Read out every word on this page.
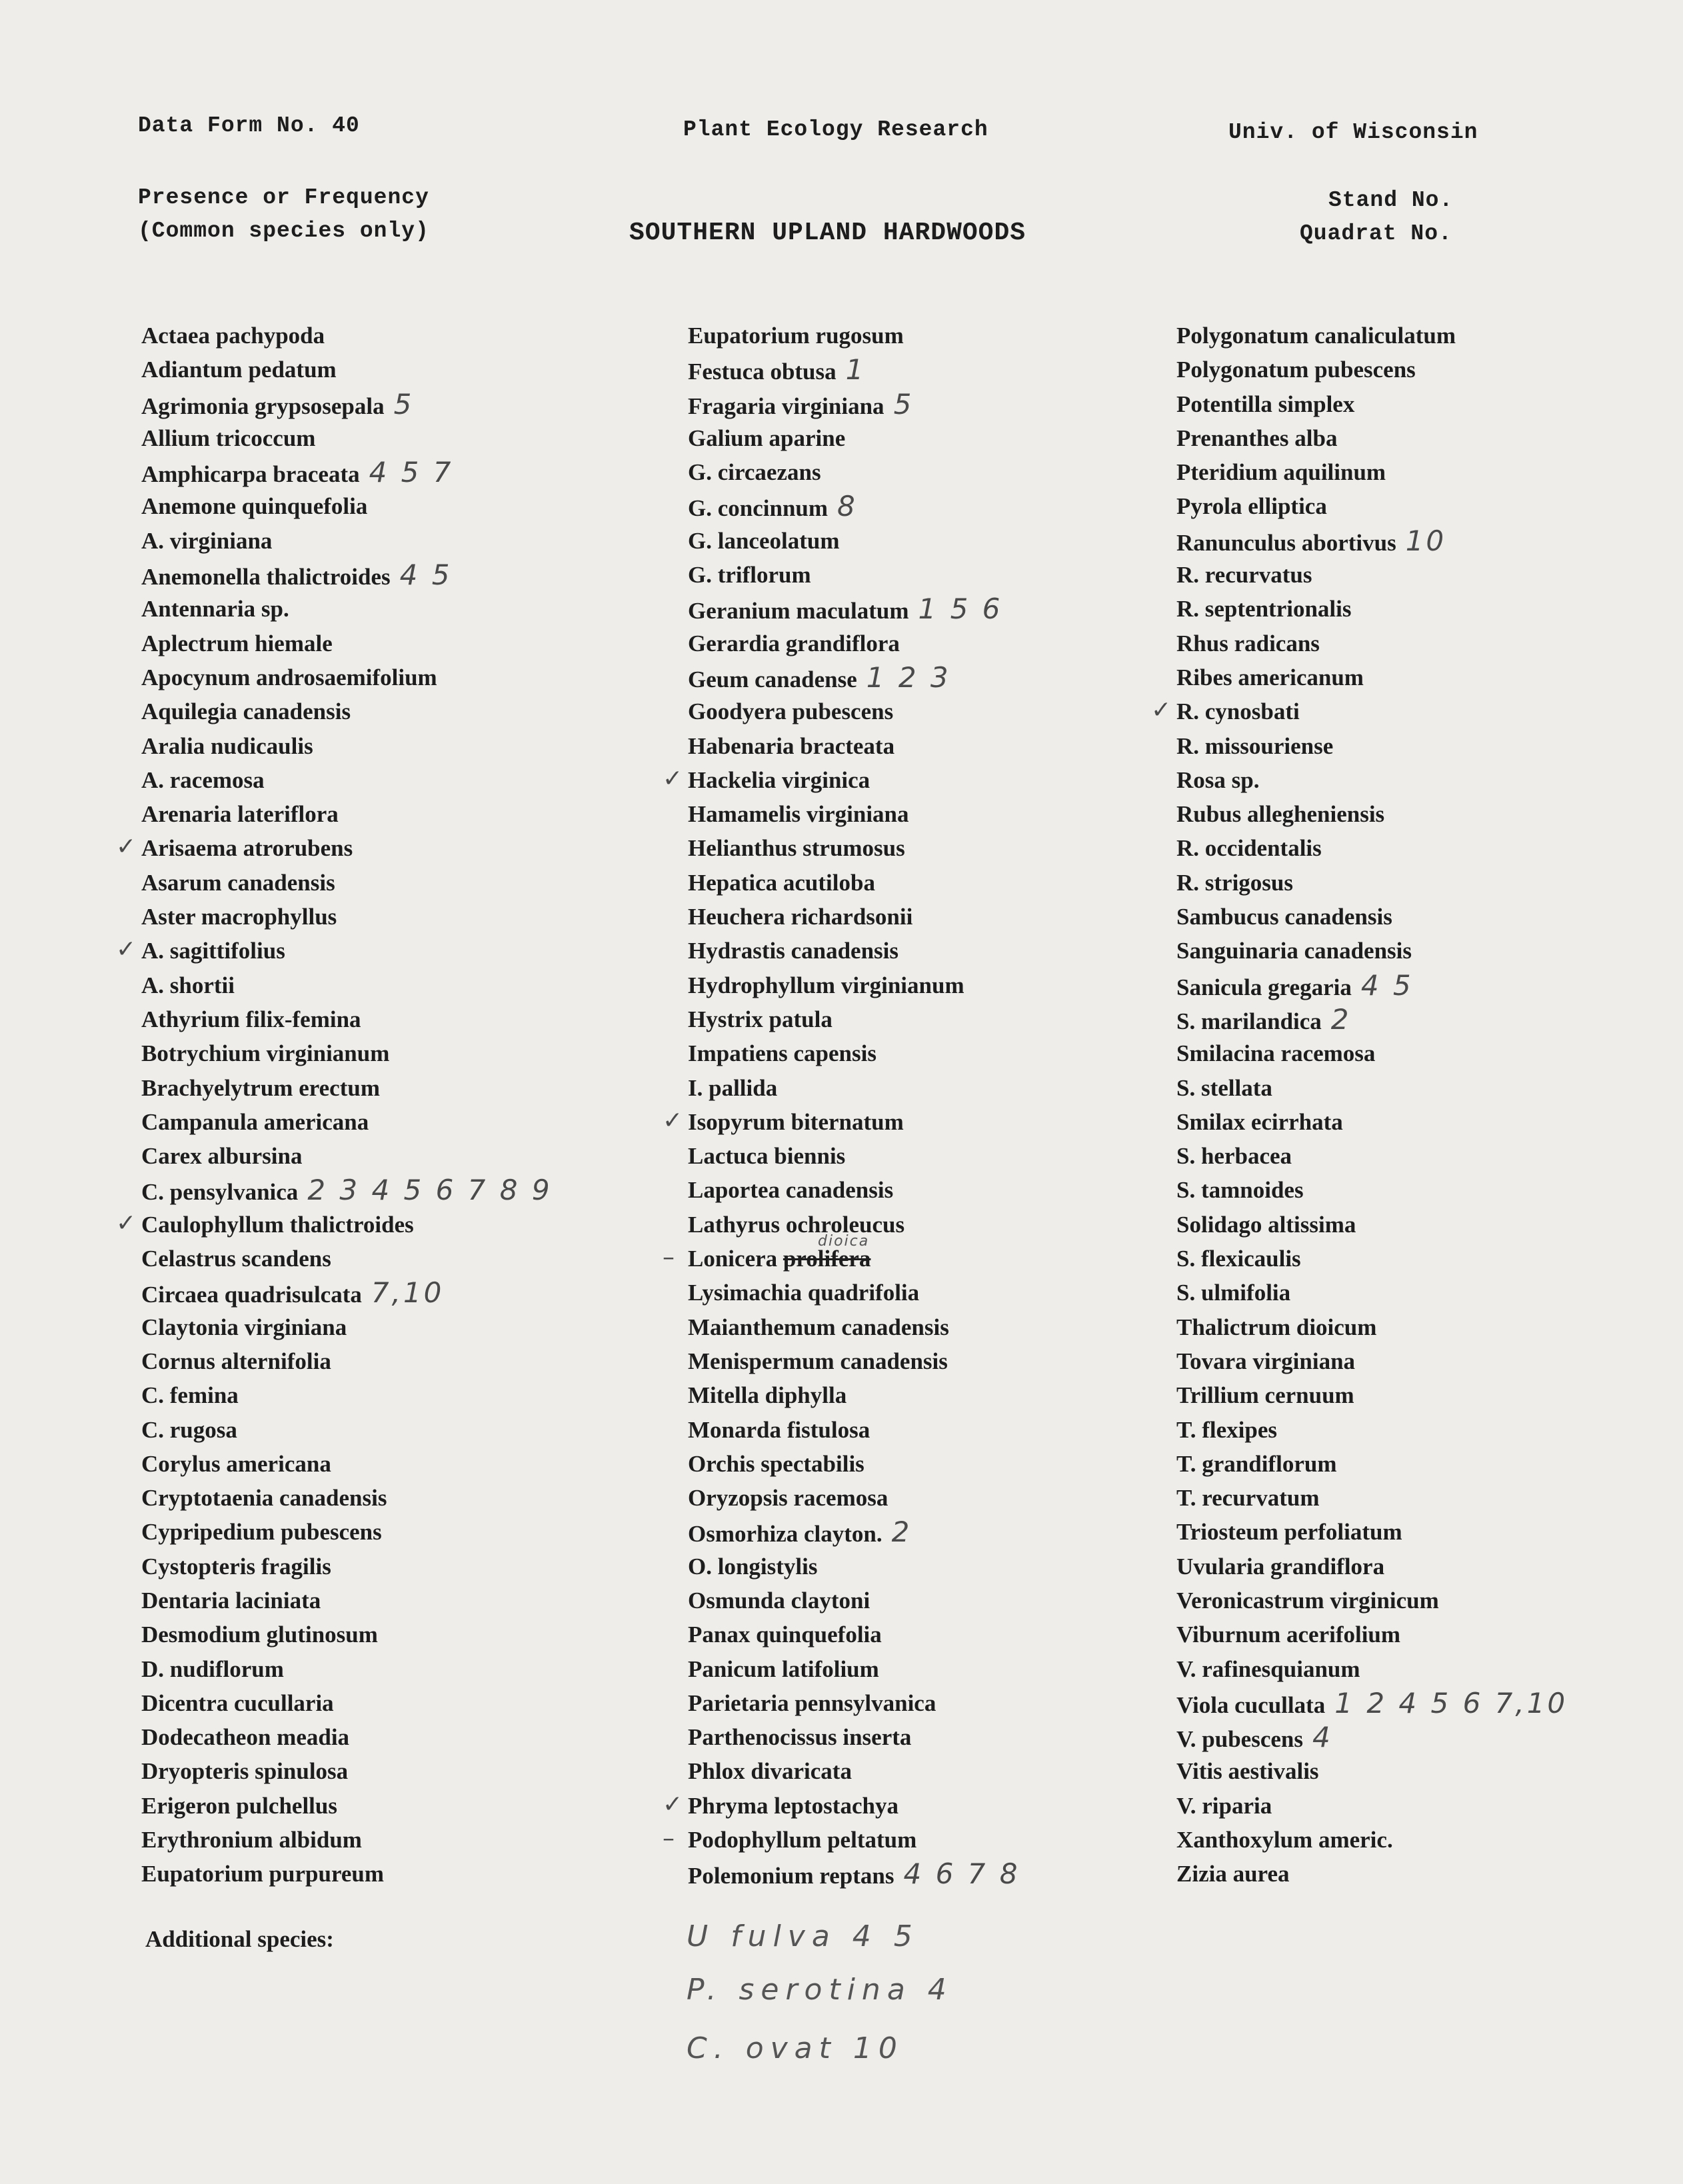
Data Form No. 40	Plant Ecology Research	Univ. of Wisconsin
Presence or Frequency
(Common species only)	SOUTHERN UPLAND HARDWOODS
Stand No.
Quadrat No.
Actaea pachypoda
Adiantum pedatum
Agrimonia grypsosepala 5
Allium tricoccum
Amphicarpa braceata 4 5 7
Anemone quinquefolia
A. virginiana
Anemonella thalictroides 4 5
Antennaria sp.
Aplectrum hiemale
Apocynum androsaemifolium
Aquilegia canadensis
Aralia nudicaulis
A. racemosa
Arenaria lateriflora
✓ Arisaema atrorubens
Asarum canadensis
Aster macrophyllus
✓ A. sagittifolius
A. shortii
Athyrium filix-femina
Botrychium virginianum
Brachyelytrum erectum
Campanula americana
Carex albursina
C. pensylvanica 2 3 4 5 6 7 8 9
✓ Caulophyllum thalictroides
Celastrus scandens
Circaea quadrisulcata 7,10
Claytonia virginiana
Cornus alternifolia
C. femina
C. rugosa
Corylus americana
Cryptotaenia canadensis
Cypripedium pubescens
Cystopteris fragilis
Dentaria laciniata
Desmodium glutinosum
D. nudiflorum
Dicentra cucullaria
Dodecatheon meadia
Dryopteris spinulosa
Erigeron pulchellus
Erythronium albidum
Eupatorium purpureum
Eupatorium rugosum
Festuca obtusa 1
Fragaria virginiana 5
Galium aparine
G. circaezans
G. concinnum 8
G. lanceolatum
G. triflorum
Geranium maculatum 1 5 6
Gerardia grandiflora
Geum canadense 1 2 3
Goodyera pubescens
Habenaria bracteata
✓ Hackelia virginica
Hamamelis virginiana
Helianthus strumosus
Hepatica acutiloba
Heuchera richardsonii
Hydrastis canadensis
Hydrophyllum virginianum
Hystrix patula
Impatiens capensis
I. pallida
✓ Isopyrum biternatum
Lactuca biennis
Laportea canadensis
Lathyrus ochroleucus
– Lonicera prolifera
dioica
Lysimachia quadrifolia
Maianthemum canadensis
Menispermum canadensis
Mitella diphylla
Monarda fistulosa
Orchis spectabilis
Oryzopsis racemosa
Osmorhiza clayton. 2
O. longistylis
Osmunda claytoni
Panax quinquefolia
Panicum latifolium
Parietaria pennsylvanica
Parthenocissus inserta
Phlox divaricata
✓ Phryma leptostachya
– Podophyllum peltatum
Polemonium reptans 4 6 7 8
Polygonatum canaliculatum
Polygonatum pubescens
Potentilla simplex
Prenanthes alba
Pteridium aquilinum
Pyrola elliptica
Ranunculus abortivus 10
R. recurvatus
R. septentrionalis
Rhus radicans
Ribes americanum
✓ R. cynosbati
R. missouriense
Rosa sp.
Rubus allegheniensis
R. occidentalis
R. strigosus
Sambucus canadensis
Sanguinaria canadensis
Sanicula gregaria 4 5
S. marilandica 2
Smilacina racemosa
S. stellata
Smilax ecirrhata
S. herbacea
S. tamnoides
Solidago altissima
S. flexicaulis
S. ulmifolia
Thalictrum dioicum
Tovara virginiana
Trillium cernuum
T. flexipes
T. grandiflorum
T. recurvatum
Triosteum perfoliatum
Uvularia grandiflora
Veronicastrum virginicum
Viburnum acerifolium
V. rafinesquianum
Viola cucullata 1 2 4 5 6 7,10
V. pubescens 4
Vitis aestivalis
V. riparia
Xanthoxylum americ.
Zizia aurea
Additional species:	U fulva 4 5
P. serotina 4
C. ovat 10
